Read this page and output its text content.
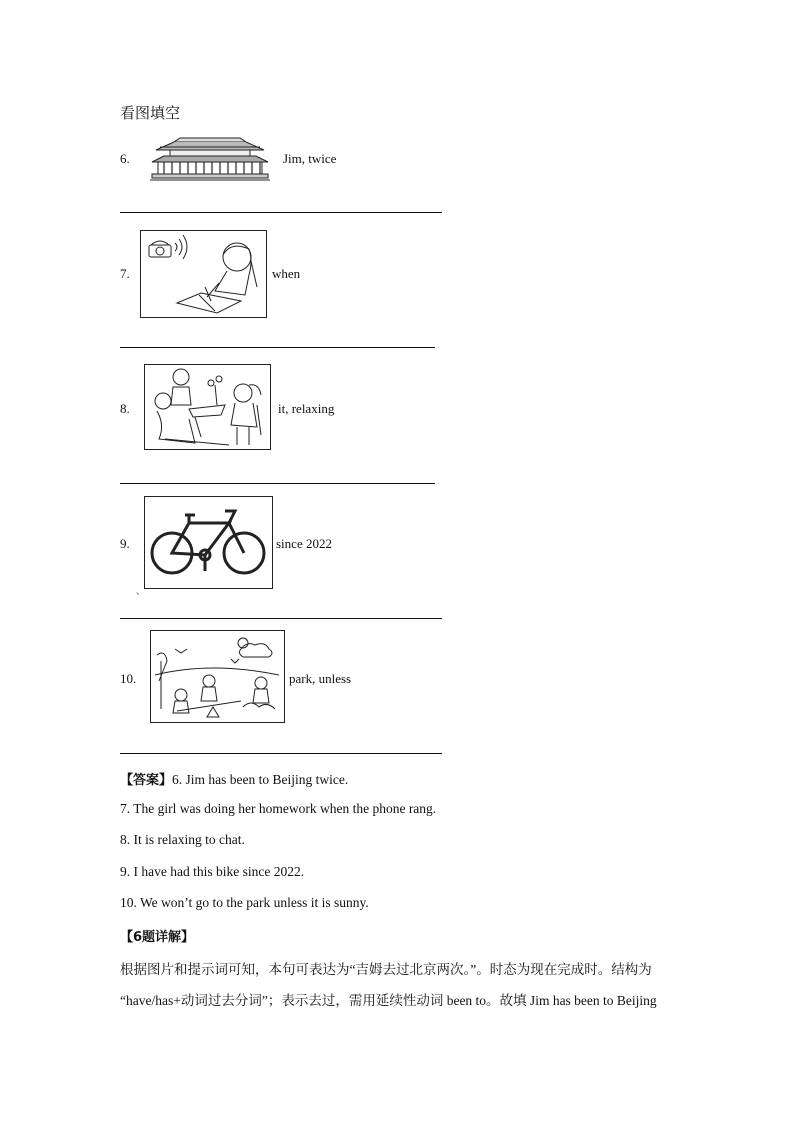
看图填空
6.	Jim, twice
7.	when
8.	it, relaxing
9.	since 2022
、
10.	park, unless
【答案】6. Jim has been to Beijing twice.
7. The girl was doing her homework when the phone rang.
8. It is relaxing to chat.
9. I have had this bike since 2022.
10. We won’t go to the park unless it is sunny.
【6题详解】
根据图片和提示词可知，本句可表达为“吉姆去过北京两次。”。时态为现在完成时。结构为
“have/has+动词过去分词”；表示去过，需用延续性动词 been to。故填 Jim has been to Beijing
